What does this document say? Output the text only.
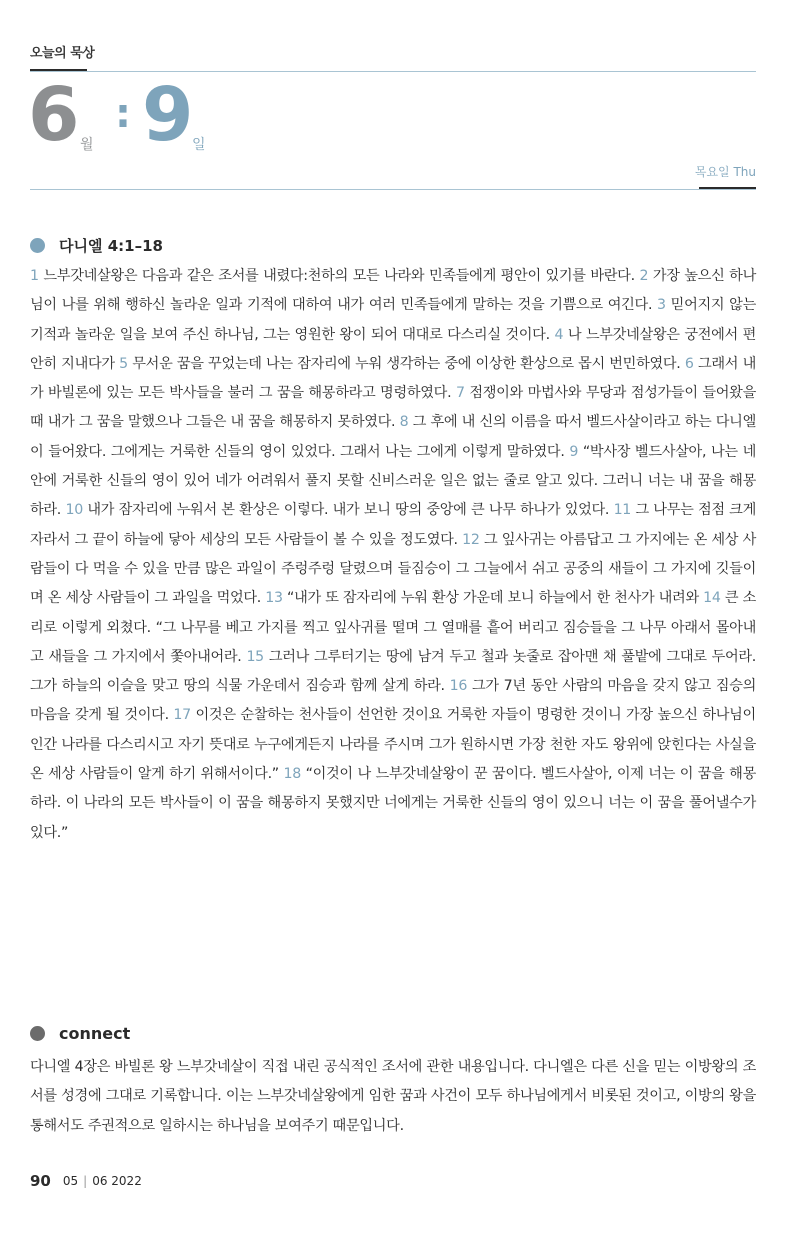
오늘의 묵상
6 월
: 9
일
목요일 Thu
다니엘 4:1–18

1 느부갓네살왕은 다음과 같은 조서를 내렸다:천하의 모든 나라와 민족들에게 평안이 있기를 바란다. 2 가장 높으신 하나님이 나를 위해 행하신 놀라운 일과 기적에 대하여 내가 여러 민족들에게 말하는 것을 기쁨으로 여긴다. 3 믿어지지 않는 기적과 놀라운 일을 보여 주신 하나님, 그는 영원한 왕이 되어 대대로 다스리실 것이다. 4 나 느부갓네살왕은 궁전에서 편안히 지내다가 5 무서운 꿈을 꾸었는데 나는 잠자리에 누워 생각하는 중에 이상한 환상으로 몹시 번민하였다. 6 그래서 내가 바빌론에 있는 모든 박사들을 불러 그 꿈을 해몽하라고 명령하였다. 7 점쟁이와 마법사와 무당과 점성가들이 들어왔을 때 내가 그 꿈을 말했으나 그들은 내 꿈을 해몽하지 못하였다. 8 그 후에 내 신의 이름을 따서 벨드사살이라고 하는 다니엘이 들어왔다. 그에게는 거룩한 신들의 영이 있었다. 그래서 나는 그에게 이렇게 말하였다. 9 “박사장 벨드사살아, 나는 네 안에 거룩한 신들의 영이 있어 네가 어려워서 풀지 못할 신비스러운 일은 없는 줄로 알고 있다. 그러니 너는 내 꿈을 해몽하라. 10 내가 잠자리에 누워서 본 환상은 이렇다. 내가 보니 땅의 중앙에 큰 나무 하나가 있었다. 11 그 나무는 점점 크게 자라서 그 끝이 하늘에 닿아 세상의 모든 사람들이 볼 수 있을 정도였다. 12 그 잎사귀는 아름답고 그 가지에는 온 세상 사람들이 다 먹을 수 있을 만큼 많은 과일이 주렁주렁 달렸으며 들짐승이 그 그늘에서 쉬고 공중의 새들이 그 가지에 깃들이며 온 세상 사람들이 그 과일을 먹었다. 13 “내가 또 잠자리에 누워 환상 가운데 보니 하늘에서 한 천사가 내려와 14 큰 소리로 이렇게 외쳤다. “그 나무를 베고 가지를 찍고 잎사귀를 떨며 그 열매를 흩어 버리고 짐승들을 그 나무 아래서 몰아내고 새들을 그 가지에서 쫓아내어라. 15 그러나 그루터기는 땅에 남겨 두고 철과 놋줄로 잡아맨 채 풀밭에 그대로 두어라. 그가 하늘의 이슬을 맞고 땅의 식물 가운데서 짐승과 함께 살게 하라. 16 그가 7년 동안 사람의 마음을 갖지 않고 짐승의 마음을 갖게 될 것이다. 17 이것은 순찰하는 천사들이 선언한 것이요 거룩한 자들이 명령한 것이니 가장 높으신 하나님이 인간 나라를 다스리시고 자기 뜻대로 누구에게든지 나라를 주시며 그가 원하시면 가장 천한 자도 왕위에 앉힌다는 사실을 온 세상 사람들이 알게 하기 위해서이다.” 18 “이것이 나 느부갓네살왕이 꾼 꿈이다. 벨드사살아, 이제 너는 이 꿈을 해몽하라. 이 나라의 모든 박사들이 이 꿈을 해몽하지 못했지만 너에게는 거룩한 신들의 영이 있으니 너는 이 꿈을 풀어낼수가 있다.”

connect

다니엘 4장은 바빌론 왕 느부갓네살이 직접 내린 공식적인 조서에 관한 내용입니다. 다니엘은 다른 신을 믿는 이방왕의 조서를 성경에 그대로 기록합니다. 이는 느부갓네살왕에게 임한 꿈과 사건이 모두 하나님에게서 비롯된 것이고, 이방의 왕을 통해서도 주권적으로 일하시는 하나님을 보여주기 때문입니다.

90 05 | 06 2022
